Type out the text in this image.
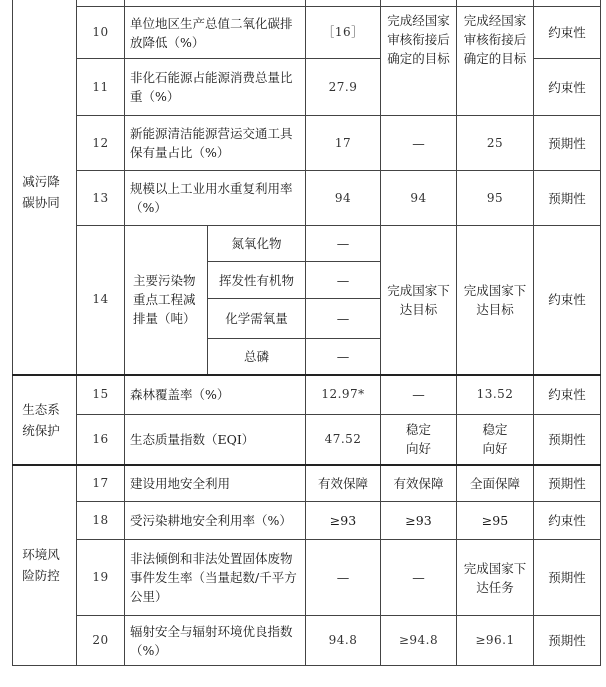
	10	单位地区生产总值二氧化碳排放降低（%）		［16］	完成经国家审核衔接后确定的目标	完成经国家审核衔接后确定的目标	约束性
	11	非化石能源占能源消费总量比重（%）		27.9			约束性
	12	新能源清洁能源营运交通工具保有量占比（%）		17	—	25	预期性
减污降碳协同	13	规模以上工业用水重复利用率（%）		94	94	95	预期性
	14	主要污染物重点工程减排量（吨）	氮氧化物	—	完成国家下达目标	完成国家下达目标	约束性
			挥发性有机物	—			
			化学需氧量	—			
			总磷	—			
生态系统保护	15	森林覆盖率（%）		12.97*	—	13.52	约束性
	16	生态质量指数（EQI）		47.52	稳定向好	稳定向好	预期性
环境风险防控	17	建设用地安全利用		有效保障	有效保障	全面保障	预期性
	18	受污染耕地安全利用率（%）		≥93	≥93	≥95	约束性
	19	非法倾倒和非法处置固体废物事件发生率（当量起数/千平方公里）		—	—	完成国家下达任务	预期性
	20	辐射安全与辐射环境优良指数（%）		94.8	≥94.8	≥96.1	预期性
